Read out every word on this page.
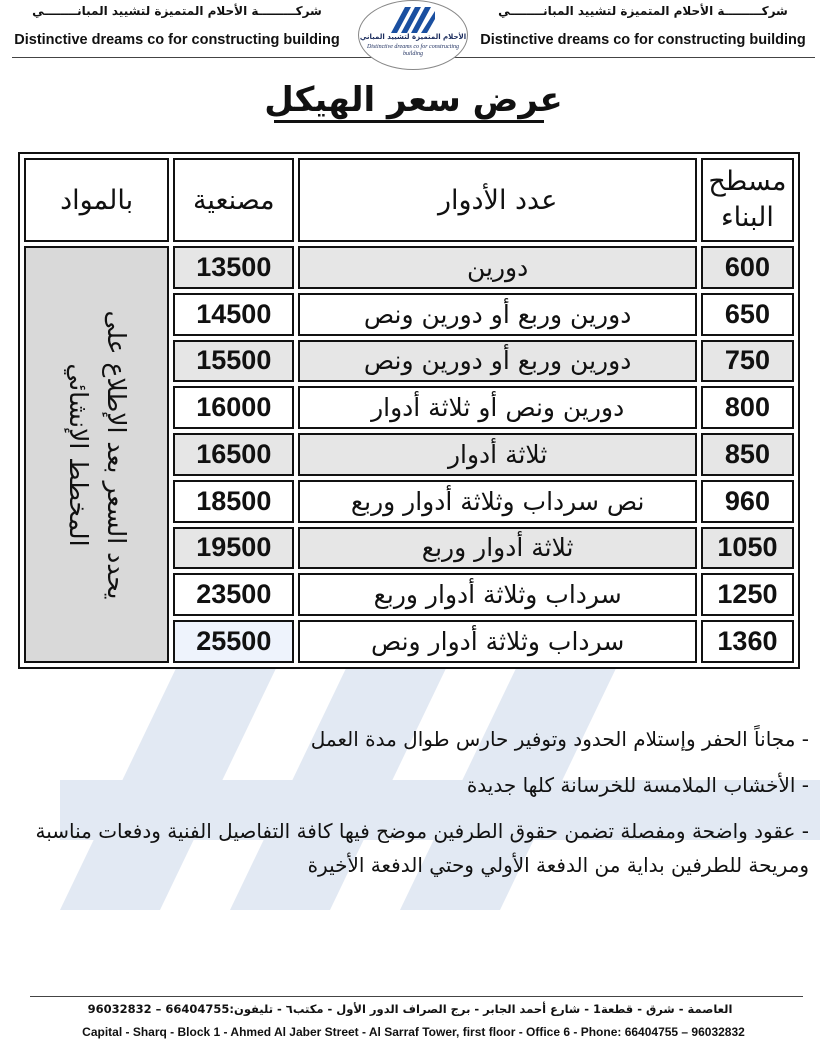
شركـــــــــة الأحلام المتميزة لتشييد المبانــــــــي
Distinctive dreams co for constructing building
شركـــــــــة الأحلام المتميزة لتشييد المبانــــــــي
Distinctive dreams co for constructing building
الأحلام المتميزة لتشييد المباني
Distinctive dreams co for constructing building
عرض سعر الهيكل
مسطح البناء	عدد الأدوار	مصنعية	بالمواد
600	دورين	13500	يحدد السعر بعد الإطلاع على المخطط الإنشائي

650	دورين وربع أو دورين ونص	14500	
750	دورين وربع أو دورين ونص	15500	
800	دورين ونص أو ثلاثة أدوار	16000	
850	ثلاثة أدوار	16500	
960	نص سرداب وثلاثة أدوار وربع	18500	
1050	ثلاثة أدوار وربع	19500	
1250	سرداب وثلاثة أدوار وربع	23500	
1360	سرداب وثلاثة أدوار ونص	25500	
- مجاناً الحفر وإستلام الحدود وتوفير حارس طوال مدة العمل
- الأخشاب الملامسة للخرسانة كلها جديدة
- عقود واضحة ومفصلة تضمن حقوق الطرفين موضح فيها كافة التفاصيل الفنية ودفعات مناسبة ومريحة للطرفين بداية من الدفعة الأولي وحتي الدفعة الأخيرة
العاصمة - شرق - قطعة1 - شارع أحمد الجابر - برج الصراف الدور الأول - مكتب٦ - تليفون:66404755 – 96032832
Capital - Sharq - Block 1 - Ahmed Al Jaber Street - Al Sarraf Tower, first floor - Office 6 - Phone: 66404755 – 96032832
